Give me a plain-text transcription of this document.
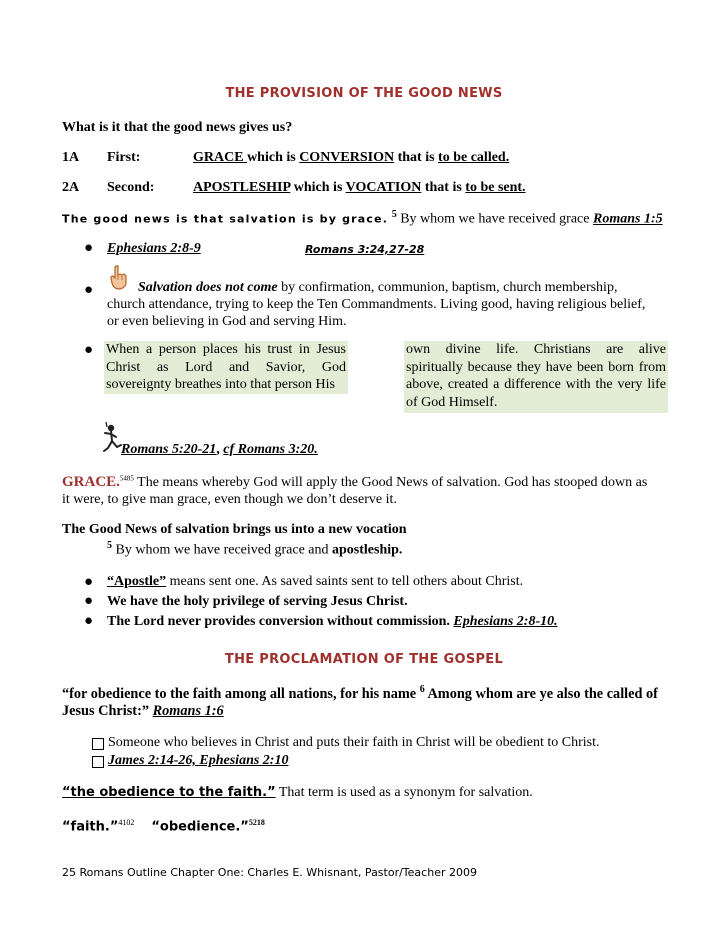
THE PROVISION OF THE GOOD NEWS
What is it that the good news gives us?
1A First:	GRACE which is CONVERSION that is to be called.
2A Second:	APOSTLESHIP which is VOCATION that is to be sent.
The good news is that salvation is by grace. $^5$ By whom we have received grace Romans 1:5
● Ephesians 2:8-9	Romans 3:24,27-28
●	Salvation does not come by confirmation, communion, baptism, church membership,
church attendance, trying to keep the Ten Commandments. Living good, having religious belief,
or even believing in God and serving Him.
● When a person places his trust in Jesus Christ as Lord and Savior, God sovereignty breathes into that person His
own divine life. Christians are alive spiritually because they have been born from above, created a difference with the very life of God Himself.
Romans 5:20-21, cf Romans 3:20.
GRACE.$^{5485}$ The means whereby God will apply the Good News of salvation. God has stooped down as
it were, to give man grace, even though we don’t deserve it.
The Good News of salvation brings us into a new vocation
$^5$ By whom we have received grace and apostleship.
● “Apostle” means sent one. As saved saints sent to tell others about Christ.
● We have the holy privilege of serving Jesus Christ.
● The Lord never provides conversion without commission. Ephesians 2:8-10.
THE PROCLAMATION OF THE GOSPEL
“for obedience to the faith among all nations, for his name $^6$ Among whom are ye also the called of
Jesus Christ:” Romans 1:6
Someone who believes in Christ and puts their faith in Christ will be obedient to Christ.
James 2:14-26, Ephesians 2:10
“the obedience to the faith.” That term is used as a synonym for salvation.
“faith.”$^{4102}$ “obedience.”$^{5218}$
25 Romans Outline Chapter One: Charles E. Whisnant, Pastor/Teacher 2009
